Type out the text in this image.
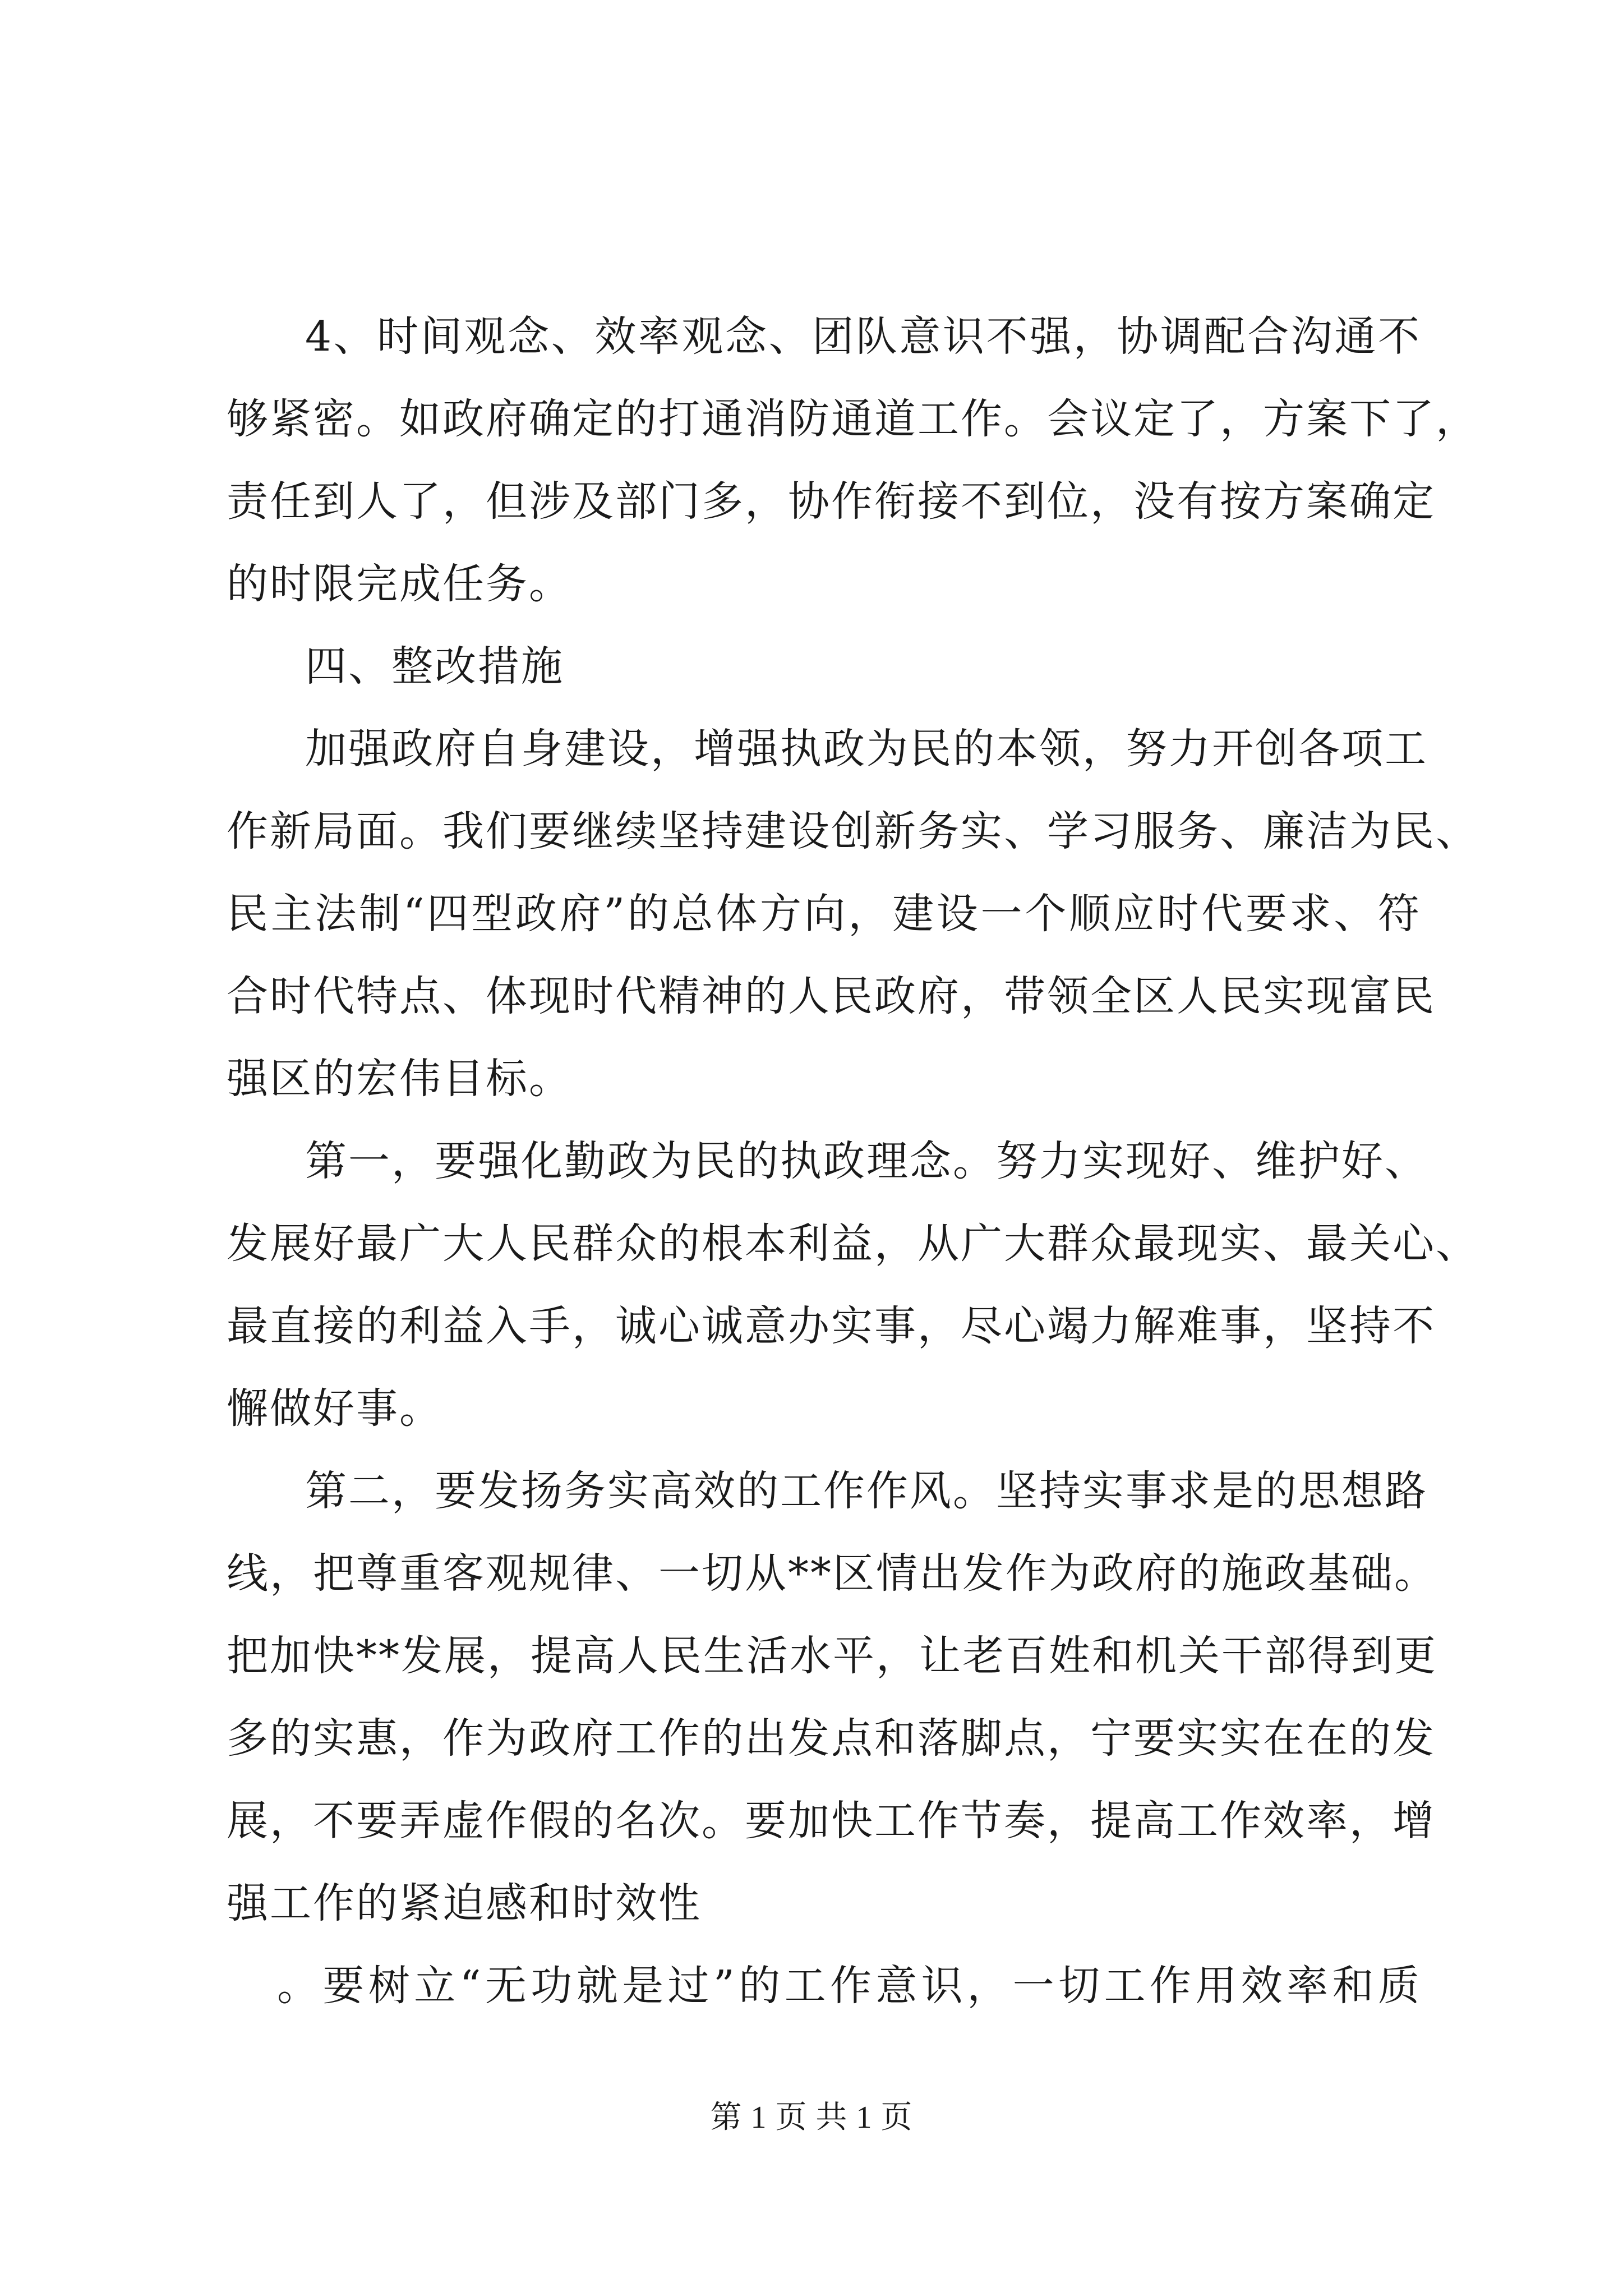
4、时间观念、效率观念、团队意识不强，协调配合沟通不
够紧密。如政府确定的打通消防通道工作。会议定了，方案下了，
责任到人了，但涉及部门多，协作衔接不到位，没有按方案确定
的时限完成任务。
四、整改措施
加强政府自身建设，增强执政为民的本领，努力开创各项工
作新局面。我们要继续坚持建设创新务实、学习服务、廉洁为民、
民主法制“四型政府”的总体方向，建设一个顺应时代要求、符
合时代特点、体现时代精神的人民政府，带领全区人民实现富民
强区的宏伟目标。
第一，要强化勤政为民的执政理念。努力实现好、维护好、
发展好最广大人民群众的根本利益，从广大群众最现实、最关心、
最直接的利益入手，诚心诚意办实事，尽心竭力解难事，坚持不
懈做好事。
第二，要发扬务实高效的工作作风。坚持实事求是的思想路
线，把尊重客观规律、一切从**区情出发作为政府的施政基础。
把加快**发展，提高人民生活水平，让老百姓和机关干部得到更
多的实惠，作为政府工作的出发点和落脚点，宁要实实在在的发
展，不要弄虚作假的名次。要加快工作节奏，提高工作效率，增
强工作的紧迫感和时效性
。要树立“无功就是过”的工作意识，一切工作用效率和质
第 1 页 共 1 页
